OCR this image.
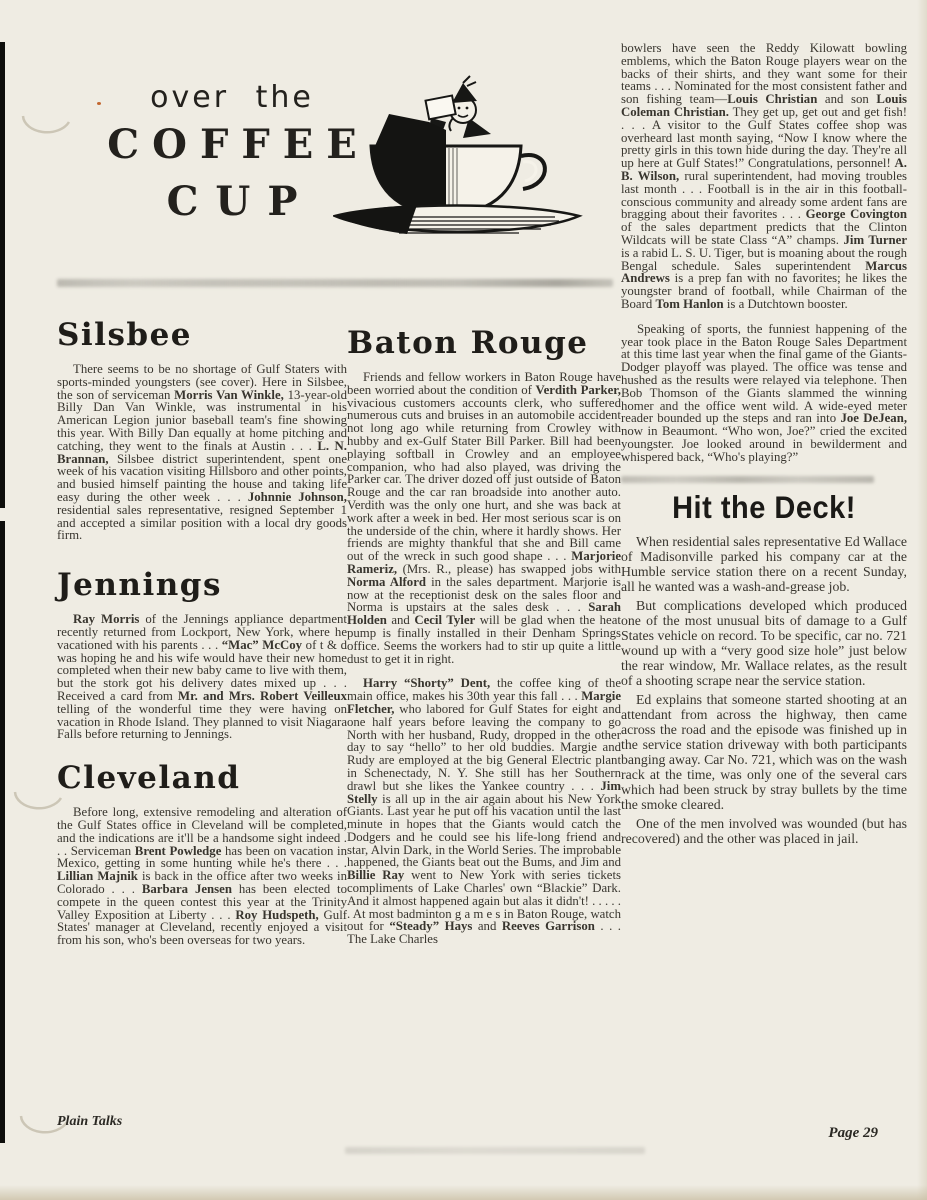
over the
COFFEE
CUP
Silsbee

There seems to be no shortage of Gulf Staters with sports-minded youngsters (see cover). Here in Silsbee, the son of serviceman Morris Van Winkle, 13-year-old Billy Dan Van Winkle, was instrumental in his American Legion junior baseball team's fine showing this year. With Billy Dan equally at home pitching and catching, they went to the finals at Austin . . . L. N. Brannan, Silsbee district superintendent, spent one week of his vacation visiting Hillsboro and other points, and busied himself painting the house and taking life easy during the other week . . . Johnnie Johnson, residential sales representative, resigned September 1 and accepted a similar position with a local dry goods firm.

Jennings

Ray Morris of the Jennings appliance department recently returned from Lockport, New York, where he vacationed with his parents . . . “Mac” McCoy of t & d was hoping he and his wife would have their new home completed when their new baby came to live with them, but the stork got his delivery dates mixed up . . . Received a card from Mr. and Mrs. Robert Veilleux telling of the wonderful time they were having on vacation in Rhode Island. They planned to visit Niagara Falls before returning to Jennings.

Cleveland

Before long, extensive remodeling and alteration of the Gulf States office in Cleveland will be completed, and the indications are it'll be a handsome sight indeed . . . Serviceman Brent Powledge has been on vacation in Mexico, getting in some hunting while he's there . . . Lillian Majnik is back in the office after two weeks in Colorado . . . Barbara Jensen has been elected to compete in the queen contest this year at the Trinity Valley Exposition at Liberty . . . Roy Hudspeth, Gulf States' manager at Cleveland, recently enjoyed a visit from his son, who's been overseas for two years.

Baton Rouge

Friends and fellow workers in Baton Rouge have been worried about the condition of Verdith Parker, vivacious customers accounts clerk, who suffered numerous cuts and bruises in an automobile accident not long ago while returning from Crowley with hubby and ex-Gulf Stater Bill Parker. Bill had been playing softball in Crowley and an employee companion, who had also played, was driving the Parker car. The driver dozed off just outside of Baton Rouge and the car ran broadside into another auto. Verdith was the only one hurt, and she was back at work after a week in bed. Her most serious scar is on the underside of the chin, where it hardly shows. Her friends are mighty thankful that she and Bill came out of the wreck in such good shape . . . Marjorie Rameriz, (Mrs. R., please) has swapped jobs with Norma Alford in the sales department. Marjorie is now at the receptionist desk on the sales floor and Norma is upstairs at the sales desk . . . Sarah Holden and Cecil Tyler will be glad when the heat pump is finally installed in their Denham Springs office. Seems the workers had to stir up quite a little dust to get it in right.

Harry “Shorty” Dent, the coffee king of the main office, makes his 30th year this fall . . . Margie Fletcher, who labored for Gulf States for eight and one half years before leaving the company to go North with her husband, Rudy, dropped in the other day to say “hello” to her old buddies. Margie and Rudy are employed at the big General Electric plant in Schenectady, N. Y. She still has her Southern drawl but she likes the Yankee country . . . Jim Stelly is all up in the air again about his New York Giants. Last year he put off his vacation until the last minute in hopes that the Giants would catch the Dodgers and he could see his life-long friend and star, Alvin Dark, in the World Series. The improbable happened, the Giants beat out the Bums, and Jim and Billie Ray went to New York with series tickets compliments of Lake Charles' own “Blackie” Dark. And it almost happened again but alas it didn't! . . . . . . At most badminton g a m e s in Baton Rouge, watch out for “Steady” Hays and Reeves Garrison . . . The Lake Charles

bowlers have seen the Reddy Kilowatt bowling emblems, which the Baton Rouge players wear on the backs of their shirts, and they want some for their teams . . . Nominated for the most consistent father and son fishing team—Louis Christian and son Louis Coleman Christian. They get up, get out and get fish! . . . A visitor to the Gulf States coffee shop was overheard last month saying, “Now I know where the pretty girls in this town hide during the day. They're all up here at Gulf States!” Congratulations, personnel! A. B. Wilson, rural superintendent, had moving troubles last month . . . Football is in the air in this football-conscious community and already some ardent fans are bragging about their favorites . . . George Covington of the sales department predicts that the Clinton Wildcats will be state Class “A” champs. Jim Turner is a rabid L. S. U. Tiger, but is moaning about the rough Bengal schedule. Sales superintendent Marcus Andrews is a prep fan with no favorites; he likes the youngster brand of football, while Chairman of the Board Tom Hanlon is a Dutchtown booster.

Speaking of sports, the funniest happening of the year took place in the Baton Rouge Sales Department at this time last year when the final game of the Giants-Dodger playoff was played. The office was tense and hushed as the results were relayed via telephone. Then Bob Thomson of the Giants slammed the winning homer and the office went wild. A wide-eyed meter reader bounded up the steps and ran into Joe DeJean, now in Beaumont. “Who won, Joe?” cried the excited youngster. Joe looked around in bewilderment and whispered back, “Who's playing?”

Hit the Deck!

When residential sales representative Ed Wallace of Madisonville parked his company car at the Humble service station there on a recent Sunday, all he wanted was a wash-and-grease job.

But complications developed which produced one of the most unusual bits of damage to a Gulf States vehicle on record. To be specific, car no. 721 wound up with a “very good size hole” just below the rear window, Mr. Wallace relates, as the result of a shooting scrape near the service station.

Ed explains that someone started shooting at an attendant from across the highway, then came across the road and the episode was finished up in the service station driveway with both participants banging away. Car No. 721, which was on the wash rack at the time, was only one of the several cars which had been struck by stray bullets by the time the smoke cleared.

One of the men involved was wounded (but has recovered) and the other was placed in jail.

Plain Talks
Page 29
